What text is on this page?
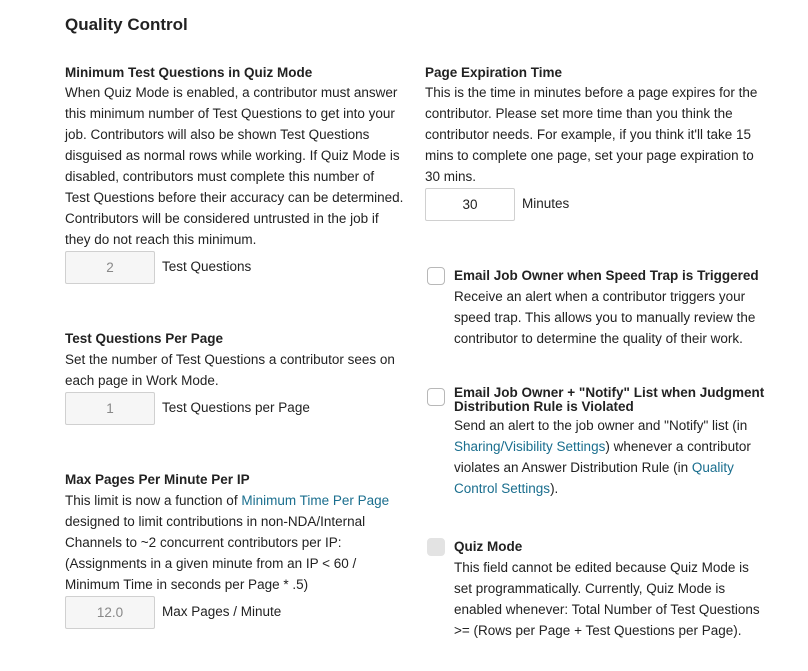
Quality Control
Minimum Test Questions in Quiz Mode
When Quiz Mode is enabled, a contributor must answer
this minimum number of Test Questions to get into your
job. Contributors will also be shown Test Questions
disguised as normal rows while working. If Quiz Mode is
disabled, contributors must complete this number of
Test Questions before their accuracy can be determined.
Contributors will be considered untrusted in the job if
they do not reach this minimum.
2
Test Questions
Test Questions Per Page
Set the number of Test Questions a contributor sees on
each page in Work Mode.
1
Test Questions per Page
Max Pages Per Minute Per IP
This limit is now a function of Minimum Time Per Page
designed to limit contributions in non-NDA/Internal
Channels to ~2 concurrent contributors per IP:
(Assignments in a given minute from an IP < 60 /
Minimum Time in seconds per Page * .5)
12.0
Max Pages / Minute
Page Expiration Time
This is the time in minutes before a page expires for the
contributor. Please set more time than you think the
contributor needs. For example, if you think it'll take 15
mins to complete one page, set your page expiration to
30 mins.
30
Minutes
Email Job Owner when Speed Trap is Triggered
Receive an alert when a contributor triggers your
speed trap. This allows you to manually review the
contributor to determine the quality of their work.
Email Job Owner + "Notify" List when Judgment
Distribution Rule is Violated
Send an alert to the job owner and "Notify" list (in
Sharing/Visibility Settings) whenever a contributor
violates an Answer Distribution Rule (in Quality
Control Settings).
Quiz Mode
This field cannot be edited because Quiz Mode is
set programmatically. Currently, Quiz Mode is
enabled whenever: Total Number of Test Questions
>= (Rows per Page + Test Questions per Page).
